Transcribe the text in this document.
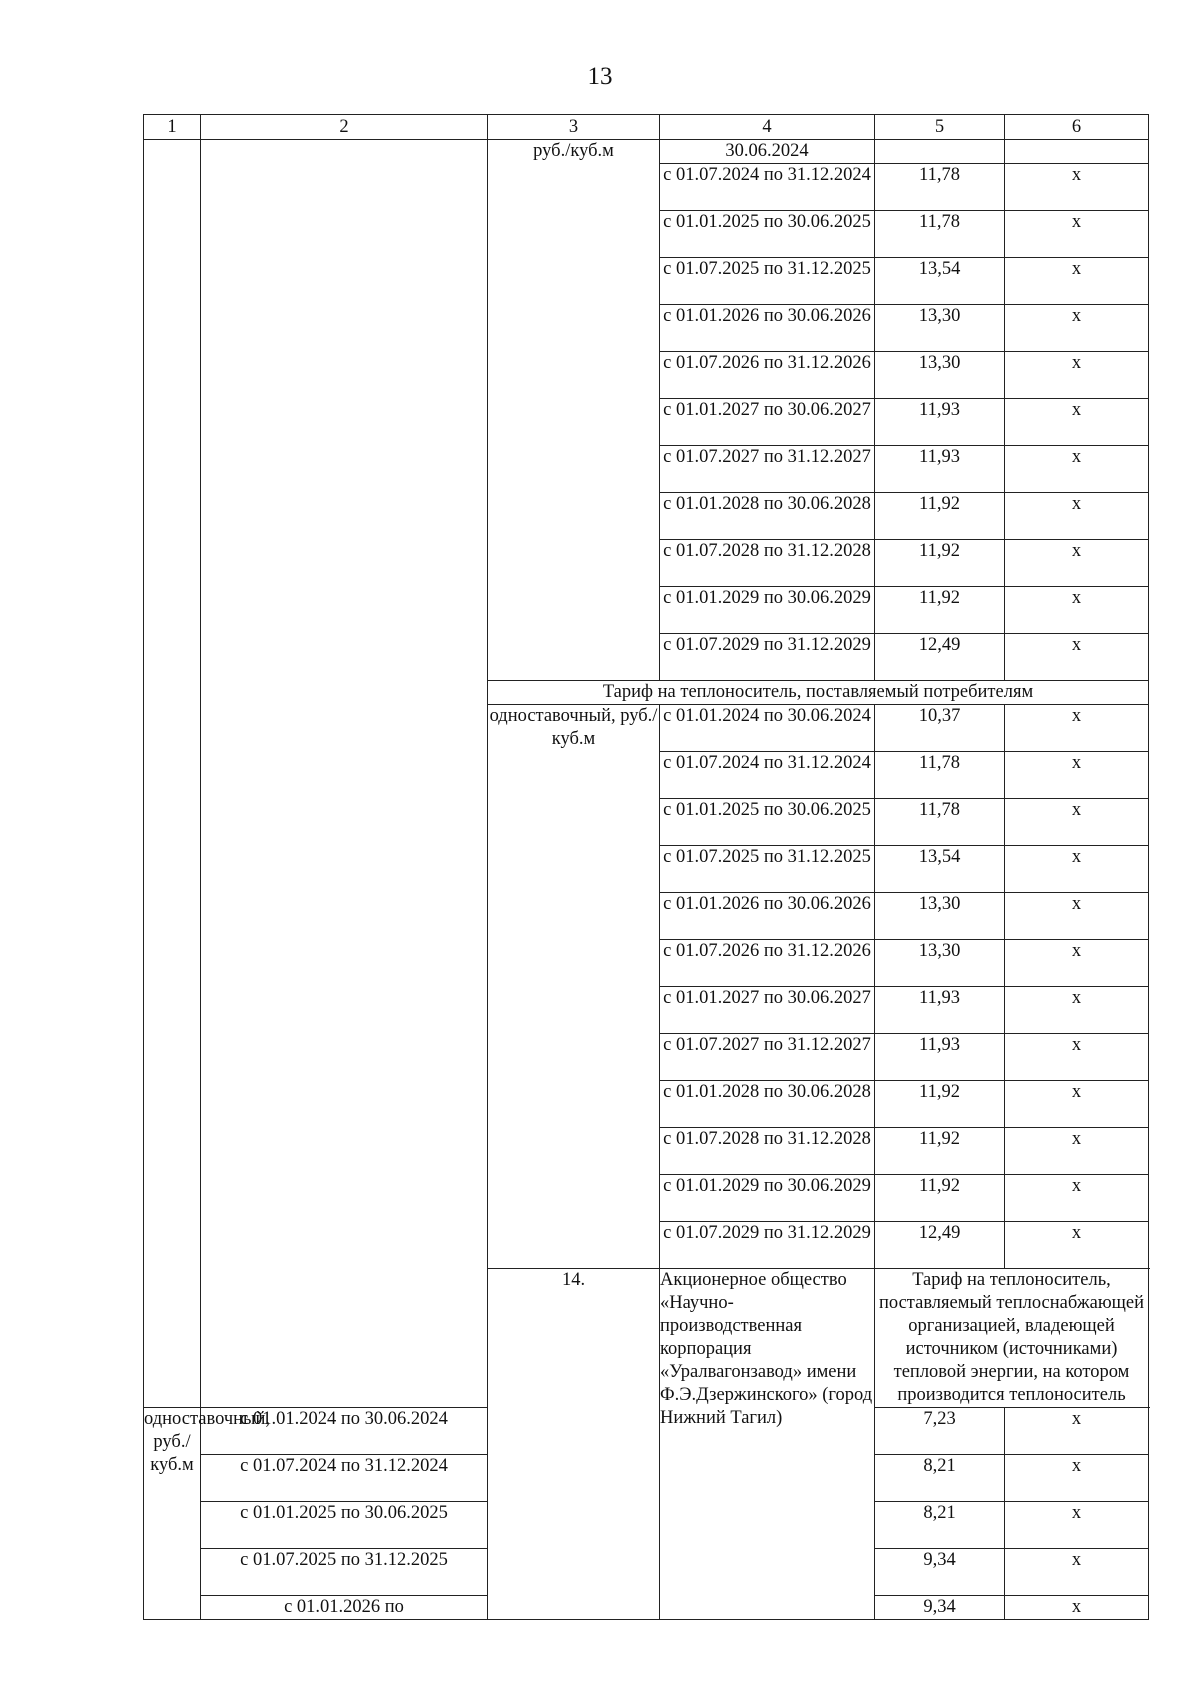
13
1	2	3	4	5	6
		руб./куб.м	30.06.2024		
			с 01.07.2024 по 31.12.2024	11,78	х
			с 01.01.2025 по 30.06.2025	11,78	х
			с 01.07.2025 по 31.12.2025	13,54	х
			с 01.01.2026 по 30.06.2026	13,30	х
			с 01.07.2026 по 31.12.2026	13,30	х
			с 01.01.2027 по 30.06.2027	11,93	х
			с 01.07.2027 по 31.12.2027	11,93	х
			с 01.01.2028 по 30.06.2028	11,92	х
			с 01.07.2028 по 31.12.2028	11,92	х
			с 01.01.2029 по 30.06.2029	11,92	х
			с 01.07.2029 по 31.12.2029	12,49	х
		Тариф на теплоноситель, поставляемый потребителям			
		одноставочный, руб./куб.м	с 01.01.2024 по 30.06.2024	10,37	х
			с 01.07.2024 по 31.12.2024	11,78	х
			с 01.01.2025 по 30.06.2025	11,78	х
			с 01.07.2025 по 31.12.2025	13,54	х
			с 01.01.2026 по 30.06.2026	13,30	х
			с 01.07.2026 по 31.12.2026	13,30	х
			с 01.01.2027 по 30.06.2027	11,93	х
			с 01.07.2027 по 31.12.2027	11,93	х
			с 01.01.2028 по 30.06.2028	11,92	х
			с 01.07.2028 по 31.12.2028	11,92	х
			с 01.01.2029 по 30.06.2029	11,92	х
			с 01.07.2029 по 31.12.2029	12,49	х
		14.	Акционерное общество «Научно-производственная корпорация «Уралвагонзавод» имени Ф.Э.Дзержинского» (город Нижний Тагил)	Тариф на теплоноситель, поставляемый теплоснабжающей организацией, владеющей источником (источниками) тепловой энергии, на котором производится теплоноситель	
одноставочный, руб./куб.м	с 01.01.2024 по 30.06.2024			7,23	х
	с 01.07.2024 по 31.12.2024			8,21	х
	с 01.01.2025 по 30.06.2025			8,21	х
	с 01.07.2025 по 31.12.2025			9,34	х
	с 01.01.2026 по			9,34	х
